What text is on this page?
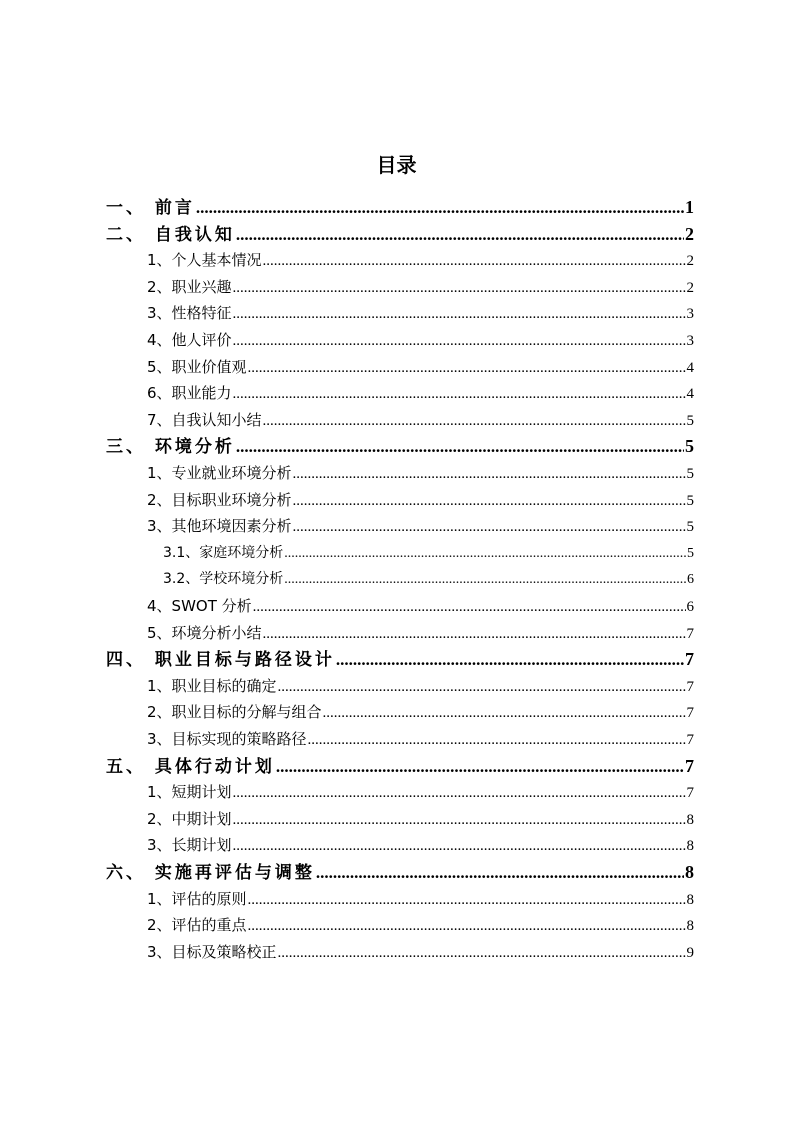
目录
一、 前言 .....	1
二、 自我认知 .....	2
1、个人基本情况 .....	2
2、职业兴趣 .....	2
3、性格特征 .....	3
4、他人评价 .....	3
5、职业价值观 .....	4
6、职业能力 .....	4
7、自我认知小结 .....	5
三、 环境分析 .....	5
1、专业就业环境分析 .....	5
2、目标职业环境分析 .....	5
3、其他环境因素分析 .....	5
3.1、家庭环境分析 .....	5
3.2、学校环境分析 .....	6
4、SWOT 分析 .....	6
5、环境分析小结 .....	7
四、 职业目标与路径设计 .....	7
1、职业目标的确定 .....	7
2、职业目标的分解与组合 .....	7
3、目标实现的策略路径 .....	7
五、 具体行动计划 .....	7
1、短期计划 .....	7
2、中期计划 .....	8
3、长期计划 .....	8
六、 实施再评估与调整 .....	8
1、评估的原则 .....	8
2、评估的重点 .....	8
3、目标及策略校正 .....	9
